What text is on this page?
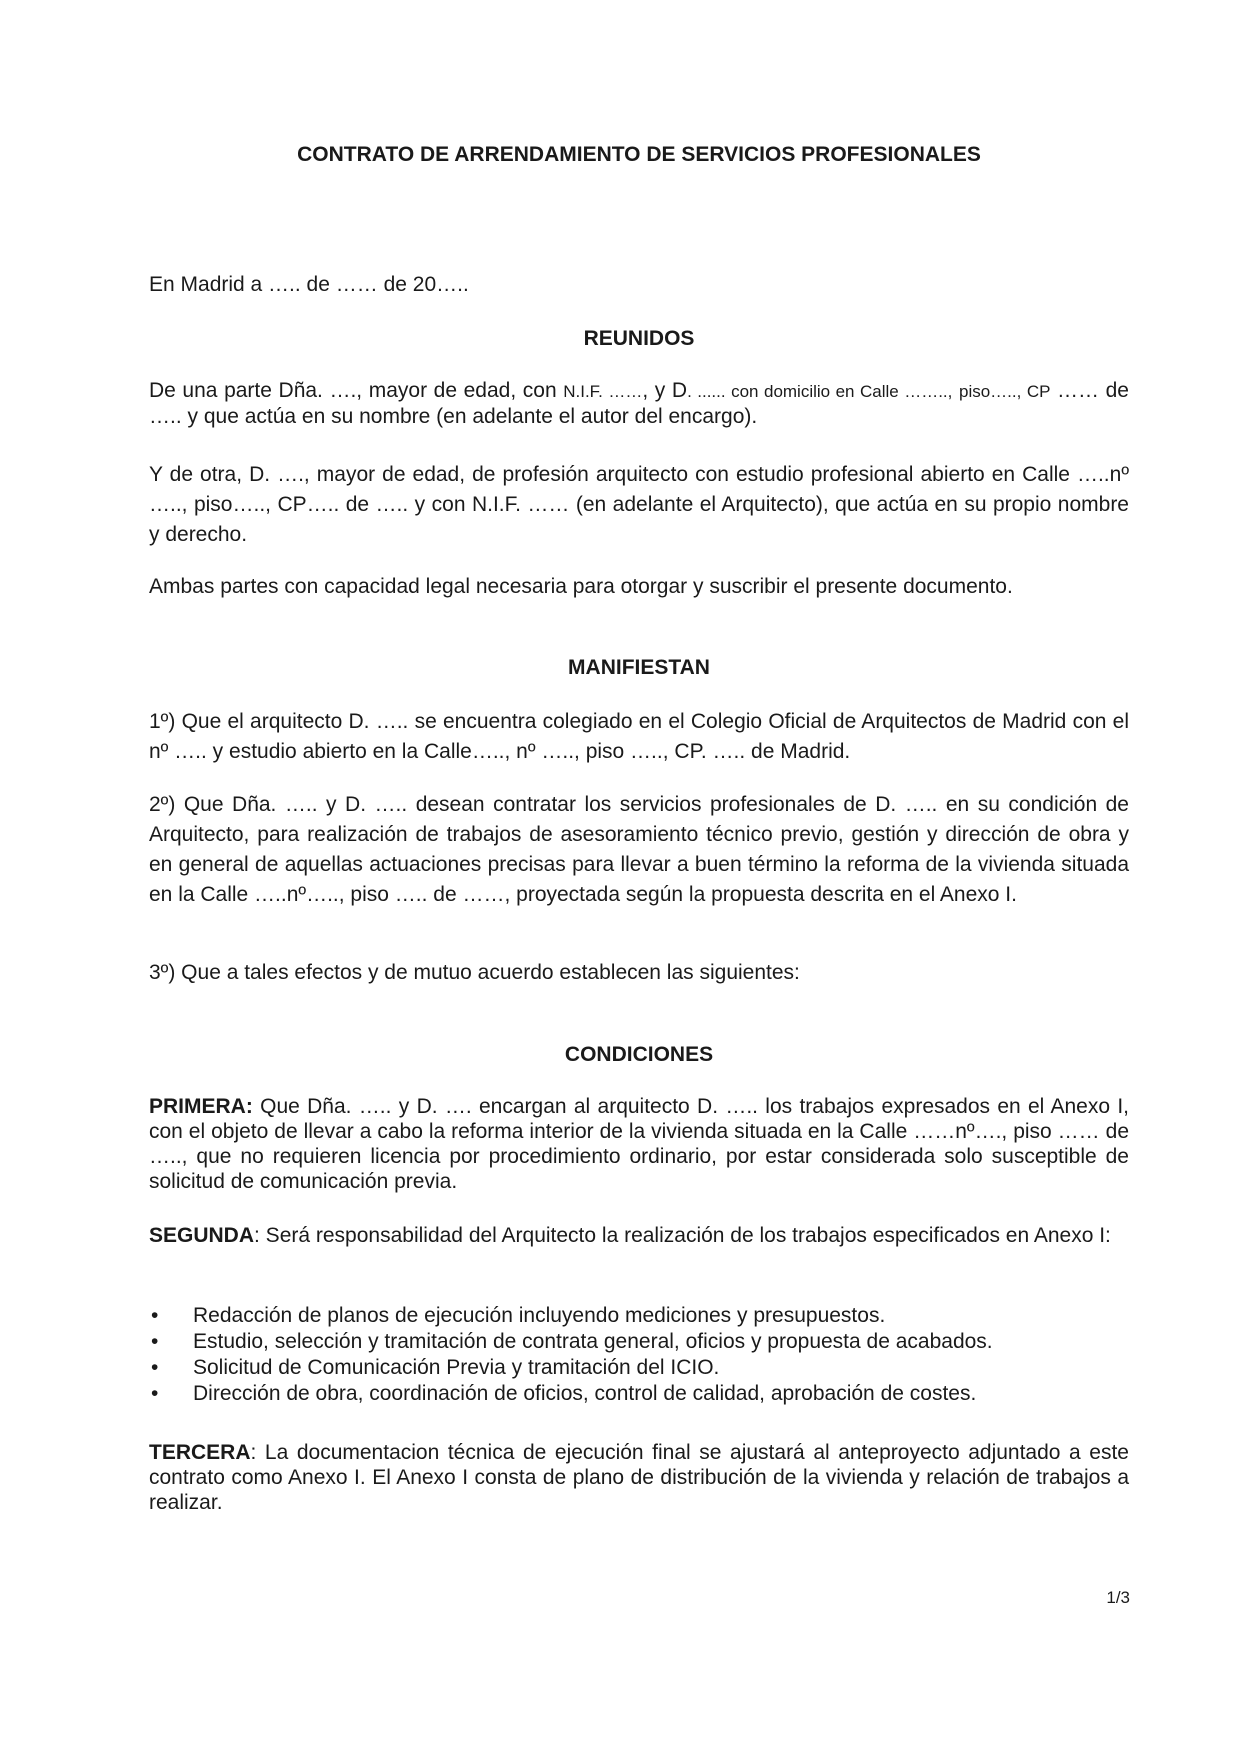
CONTRATO DE ARRENDAMIENTO DE SERVICIOS PROFESIONALES

En Madrid a ….. de …… de 20…..

REUNIDOS

De una parte Dña. …., mayor de edad, con N.I.F. ……, y D. ...... con domicilio en Calle …….., piso….., CP …… de ….. y que actúa en su nombre (en adelante el autor del encargo).

Y de otra, D. …., mayor de edad, de profesión arquitecto con estudio profesional abierto en Calle …..nº ….., piso….., CP….. de ….. y con N.I.F. …… (en adelante el Arquitecto), que actúa en su propio nombre y derecho.

Ambas partes con capacidad legal necesaria para otorgar y suscribir el presente documento.

MANIFIESTAN

1º) Que el arquitecto D. ….. se encuentra colegiado en el Colegio Oficial de Arquitectos de Madrid con el nº ….. y estudio abierto en la Calle….., nº ….., piso ….., CP. ….. de Madrid.

2º) Que Dña. ….. y D. ….. desean contratar los servicios profesionales de D. ….. en su condición de Arquitecto, para realización de trabajos de asesoramiento técnico previo, gestión y dirección de obra y en general de aquellas actuaciones precisas para llevar a buen término la reforma de la vivienda situada en la Calle …..nº….., piso ….. de ……, proyectada según la propuesta descrita en el Anexo I.

3º) Que a tales efectos y de mutuo acuerdo establecen las siguientes:

CONDICIONES

PRIMERA: Que Dña. ….. y D. …. encargan al arquitecto D. ….. los trabajos expresados en el Anexo I, con el objeto de llevar a cabo la reforma interior de la vivienda situada en la Calle ……nº…., piso …… de ….., que no requieren licencia por procedimiento ordinario, por estar considerada solo susceptible de solicitud de comunicación previa.

SEGUNDA: Será responsabilidad del Arquitecto la realización de los trabajos especificados en Anexo I:

• Redacción de planos de ejecución incluyendo mediciones y presupuestos.
• Estudio, selección y tramitación de contrata general, oficios y propuesta de acabados.
• Solicitud de Comunicación Previa y tramitación del ICIO.
• Dirección de obra, coordinación de oficios, control de calidad, aprobación de costes.

TERCERA: La documentacion técnica de ejecución final se ajustará al anteproyecto adjuntado a este contrato como Anexo I. El Anexo I consta de plano de distribución de la vivienda y relación de trabajos a realizar.

1/3
